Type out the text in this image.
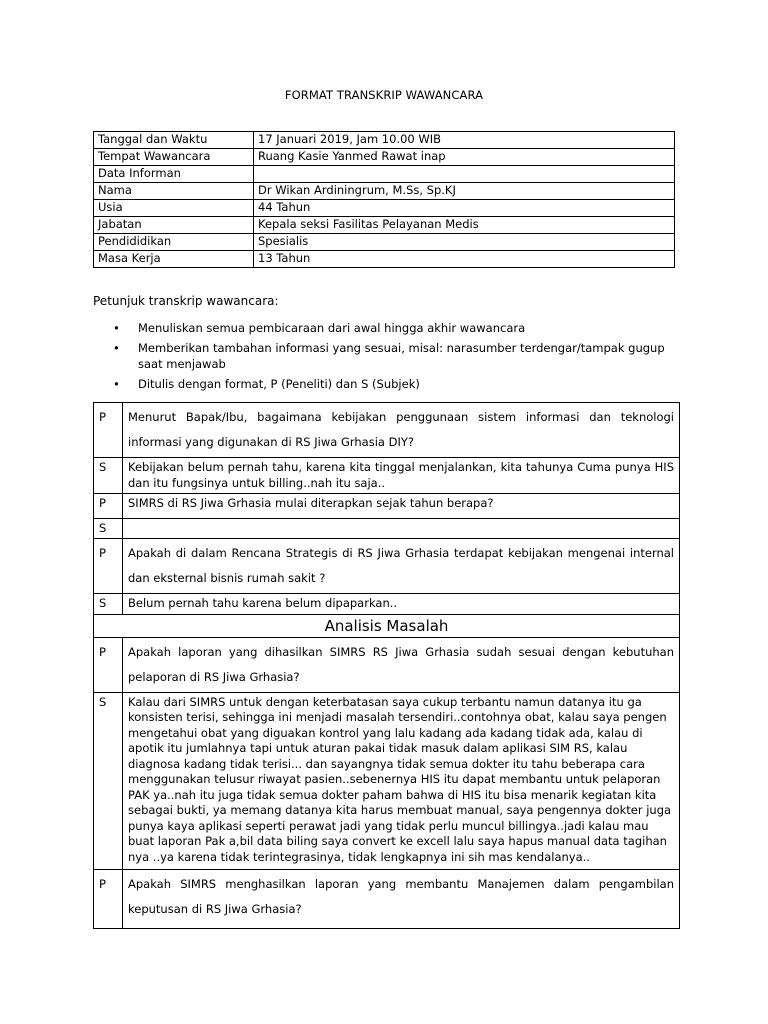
FORMAT TRANSKRIP WAWANCARA
Tanggal dan Waktu	17 Januari 2019, Jam 10.00 WIB
Tempat Wawancara	Ruang Kasie Yanmed Rawat inap
Data Informan	
Nama	Dr Wikan Ardiningrum, M.Ss, Sp.KJ
Usia	44 Tahun
Jabatan	Kepala seksi Fasilitas Pelayanan Medis
Pendididikan	Spesialis
Masa Kerja	13 Tahun
Petunjuk transkrip wawancara:
• Menuliskan semua pembicaraan dari awal hingga akhir wawancara
• Memberikan tambahan informasi yang sesuai, misal: narasumber terdengar/tampak gugup saat menjawab
• Ditulis dengan format, P (Peneliti) dan S (Subjek)
P	Menurut Bapak/Ibu, bagaimana kebijakan penggunaan sistem informasi dan teknologi informasi yang digunakan di RS Jiwa Grhasia DIY?
S	Kebijakan belum pernah tahu, karena kita tinggal menjalankan, kita tahunya Cuma punya HIS dan itu fungsinya untuk billing..nah itu saja..
P	SIMRS di RS Jiwa Grhasia mulai diterapkan sejak tahun berapa?
S	
P	Apakah di dalam Rencana Strategis di RS Jiwa Grhasia terdapat kebijakan mengenai internal dan eksternal bisnis rumah sakit ?
S	Belum pernah tahu karena belum dipaparkan..
Analisis Masalah	
P	Apakah laporan yang dihasilkan SIMRS RS Jiwa Grhasia sudah sesuai dengan kebutuhan pelaporan di RS Jiwa Grhasia?
S	Kalau dari SIMRS untuk dengan keterbatasan saya cukup terbantu namun datanya itu ga konsisten terisi, sehingga ini menjadi masalah tersendiri..contohnya obat, kalau saya pengen mengetahui obat yang diguakan kontrol yang lalu kadang ada kadang tidak ada, kalau di apotik itu jumlahnya tapi untuk aturan pakai tidak masuk dalam aplikasi SIM RS, kalau diagnosa kadang tidak terisi... dan sayangnya tidak semua dokter itu tahu beberapa cara menggunakan telusur riwayat pasien..sebenernya HIS itu dapat membantu untuk pelaporan PAK ya..nah itu juga tidak semua dokter paham bahwa di HIS itu bisa menarik kegiatan kita sebagai bukti, ya memang datanya kita harus membuat manual, saya pengennya dokter juga punya kaya aplikasi seperti perawat jadi yang tidak perlu muncul billingya..jadi kalau mau buat laporan Pak a,bil data biling saya convert ke excell lalu saya hapus manual data tagihan nya ..ya karena tidak terintegrasinya, tidak lengkapnya ini sih mas kendalanya..
P	Apakah SIMRS menghasilkan laporan yang membantu Manajemen dalam pengambilan keputusan di RS Jiwa Grhasia?
